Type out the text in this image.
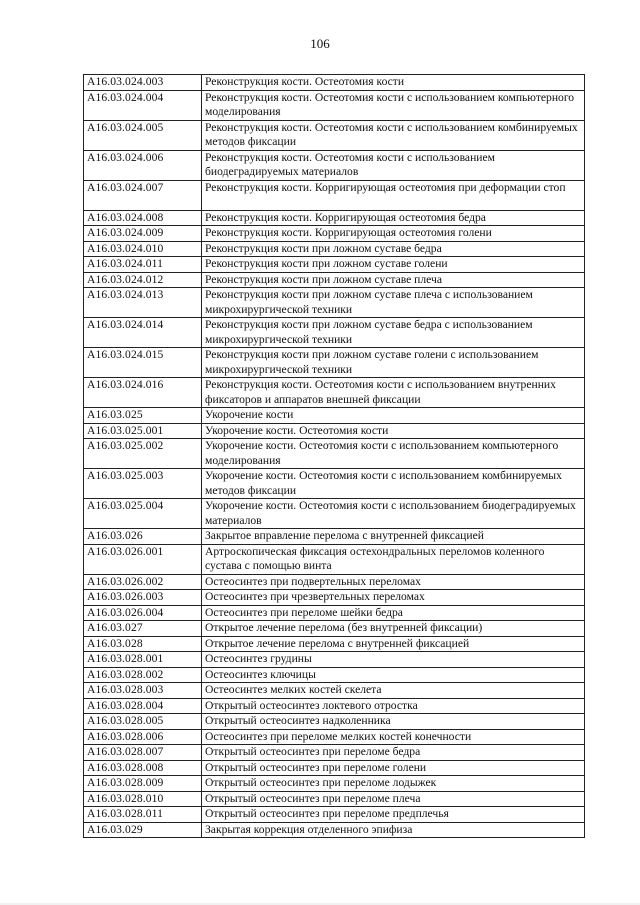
106
A16.03.024.003	Реконструкция кости. Остеотомия кости
A16.03.024.004	Реконструкция кости. Остеотомия кости с использованием компьютерного моделирования
A16.03.024.005	Реконструкция кости. Остеотомия кости с использованием комбинируемых методов фиксации
A16.03.024.006	Реконструкция кости. Остеотомия кости с использованием биодеградируемых материалов
A16.03.024.007	Реконструкция кости. Корригирующая остеотомия при деформации стоп
A16.03.024.008	Реконструкция кости. Корригирующая остеотомия бедра
A16.03.024.009	Реконструкция кости. Корригирующая остеотомия голени
A16.03.024.010	Реконструкция кости при ложном суставе бедра
A16.03.024.011	Реконструкция кости при ложном суставе голени
A16.03.024.012	Реконструкция кости при ложном суставе плеча
A16.03.024.013	Реконструкция кости при ложном суставе плеча с использованием микрохирургической техники
A16.03.024.014	Реконструкция кости при ложном суставе бедра с использованием микрохирургической техники
A16.03.024.015	Реконструкция кости при ложном суставе голени с использованием микрохирургической техники
A16.03.024.016	Реконструкция кости. Остеотомия кости с использованием внутренних фиксаторов и аппаратов внешней фиксации
A16.03.025	Укорочение кости
A16.03.025.001	Укорочение кости. Остеотомия кости
A16.03.025.002	Укорочение кости. Остеотомия кости с использованием компьютерного моделирования
A16.03.025.003	Укорочение кости. Остеотомия кости с использованием комбинируемых методов фиксации
A16.03.025.004	Укорочение кости. Остеотомия кости с использованием биодеградируемых материалов
A16.03.026	Закрытое вправление перелома с внутренней фиксацией
A16.03.026.001	Артроскопическая фиксация остехондральных переломов коленного сустава с помощью винта
A16.03.026.002	Остеосинтез при подвертельных переломах
A16.03.026.003	Остеосинтез при чрезвертельных переломах
A16.03.026.004	Остеосинтез при переломе шейки бедра
A16.03.027	Открытое лечение перелома (без внутренней фиксации)
A16.03.028	Открытое лечение перелома с внутренней фиксацией
A16.03.028.001	Остеосинтез грудины
A16.03.028.002	Остеосинтез ключицы
A16.03.028.003	Остеосинтез мелких костей скелета
A16.03.028.004	Открытый остеосинтез локтевого отростка
A16.03.028.005	Открытый остеосинтез надколенника
A16.03.028.006	Остеосинтез при переломе мелких костей конечности
A16.03.028.007	Открытый остеосинтез при переломе бедра
A16.03.028.008	Открытый остеосинтез при переломе голени
A16.03.028.009	Открытый остеосинтез при переломе лодыжек
A16.03.028.010	Открытый остеосинтез при переломе плеча
A16.03.028.011	Открытый остеосинтез при переломе предплечья
A16.03.029	Закрытая коррекция отделенного эпифиза
